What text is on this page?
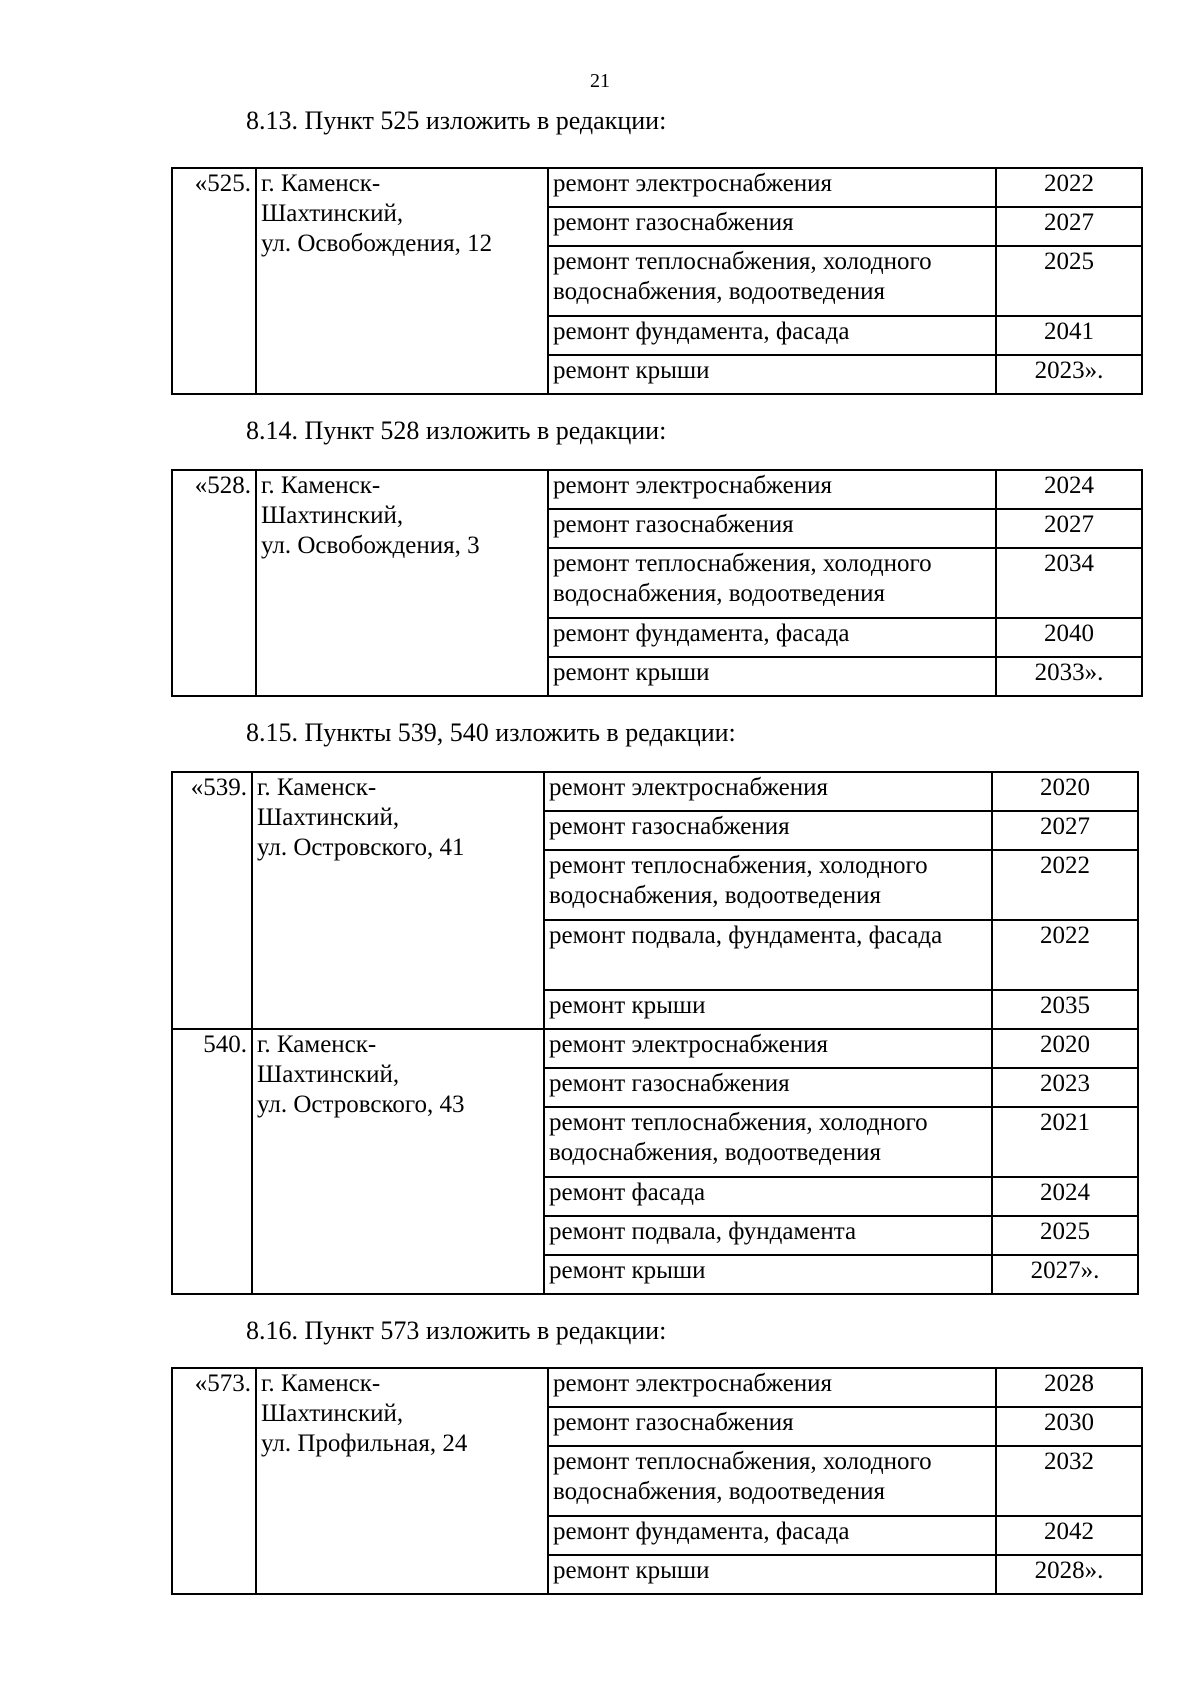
21
8.13. Пункт 525 изложить в редакции:
«525.	г. Каменск-
Шахтинский,
ул. Освобождения, 12	ремонт электроснабжения	2022
		ремонт газоснабжения	2027
		ремонт теплоснабжения, холодного водоснабжения, водоотведения	2025
		ремонт фундамента, фасада	2041
		ремонт крыши	2023».
8.14. Пункт 528 изложить в редакции:
«528.	г. Каменск-
Шахтинский,
ул. Освобождения, 3	ремонт электроснабжения	2024
		ремонт газоснабжения	2027
		ремонт теплоснабжения, холодного водоснабжения, водоотведения	2034
		ремонт фундамента, фасада	2040
		ремонт крыши	2033».
8.15. Пункты 539, 540 изложить в редакции:
«539.	г. Каменск-
Шахтинский,
ул. Островского, 41	ремонт электроснабжения	2020
		ремонт газоснабжения	2027
		ремонт теплоснабжения, холодного водоснабжения, водоотведения	2022
		ремонт подвала, фундамента, фасада	2022
		ремонт крыши	2035
540.	г. Каменск-
Шахтинский,
ул. Островского, 43	ремонт электроснабжения	2020
		ремонт газоснабжения	2023
		ремонт теплоснабжения, холодного водоснабжения, водоотведения	2021
		ремонт фасада	2024
		ремонт подвала, фундамента	2025
		ремонт крыши	2027».
8.16. Пункт 573 изложить в редакции:
«573.	г. Каменск-
Шахтинский,
ул. Профильная, 24	ремонт электроснабжения	2028
		ремонт газоснабжения	2030
		ремонт теплоснабжения, холодного водоснабжения, водоотведения	2032
		ремонт фундамента, фасада	2042
		ремонт крыши	2028».
